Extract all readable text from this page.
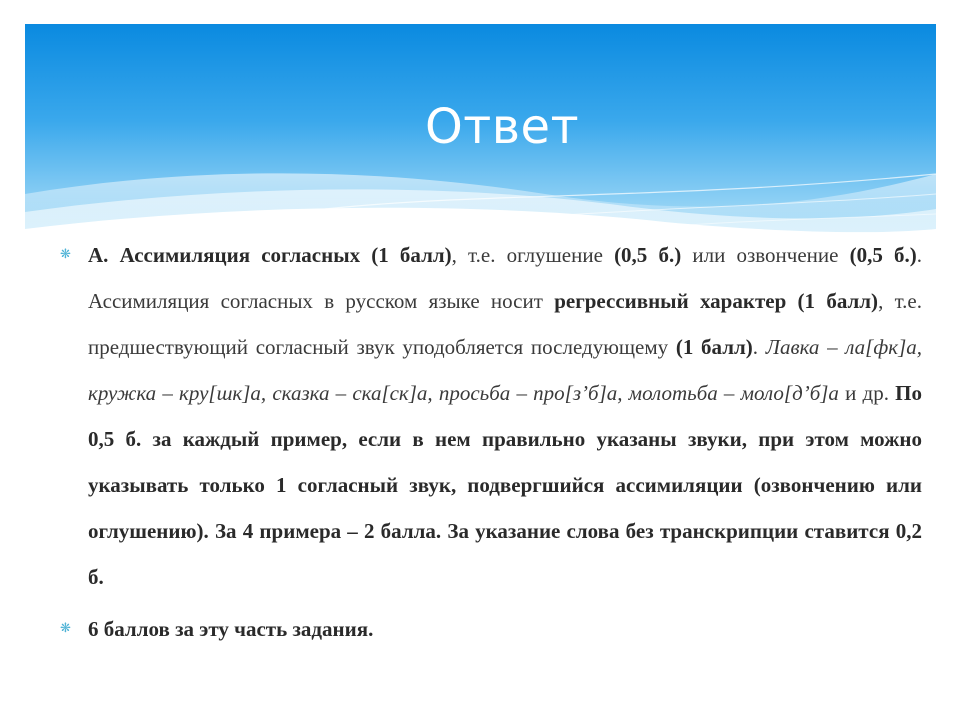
Ответ
❋ А. Ассимиляция согласных (1 балл), т.е. оглушение (0,5 б.) или озвончение (0,5 б.). Ассимиляция согласных в русском языке носит регрессивный характер (1 балл), т.е. предшествующий согласный звук уподобляется последующему (1 балл). Лавка – ла[фк]а, кружка – кру[шк]а, сказка – ска[ск]а, просьба – про[з’б]а, молотьба – моло[д’б]а и др. По 0,5 б. за каждый пример, если в нем правильно указаны звуки, при этом можно указывать только 1 согласный звук, подвергшийся ассимиляции (озвончению или оглушению). За 4 примера – 2 балла. За указание слова без транскрипции ставится 0,2 б.
❋ 6 баллов за эту часть задания.
